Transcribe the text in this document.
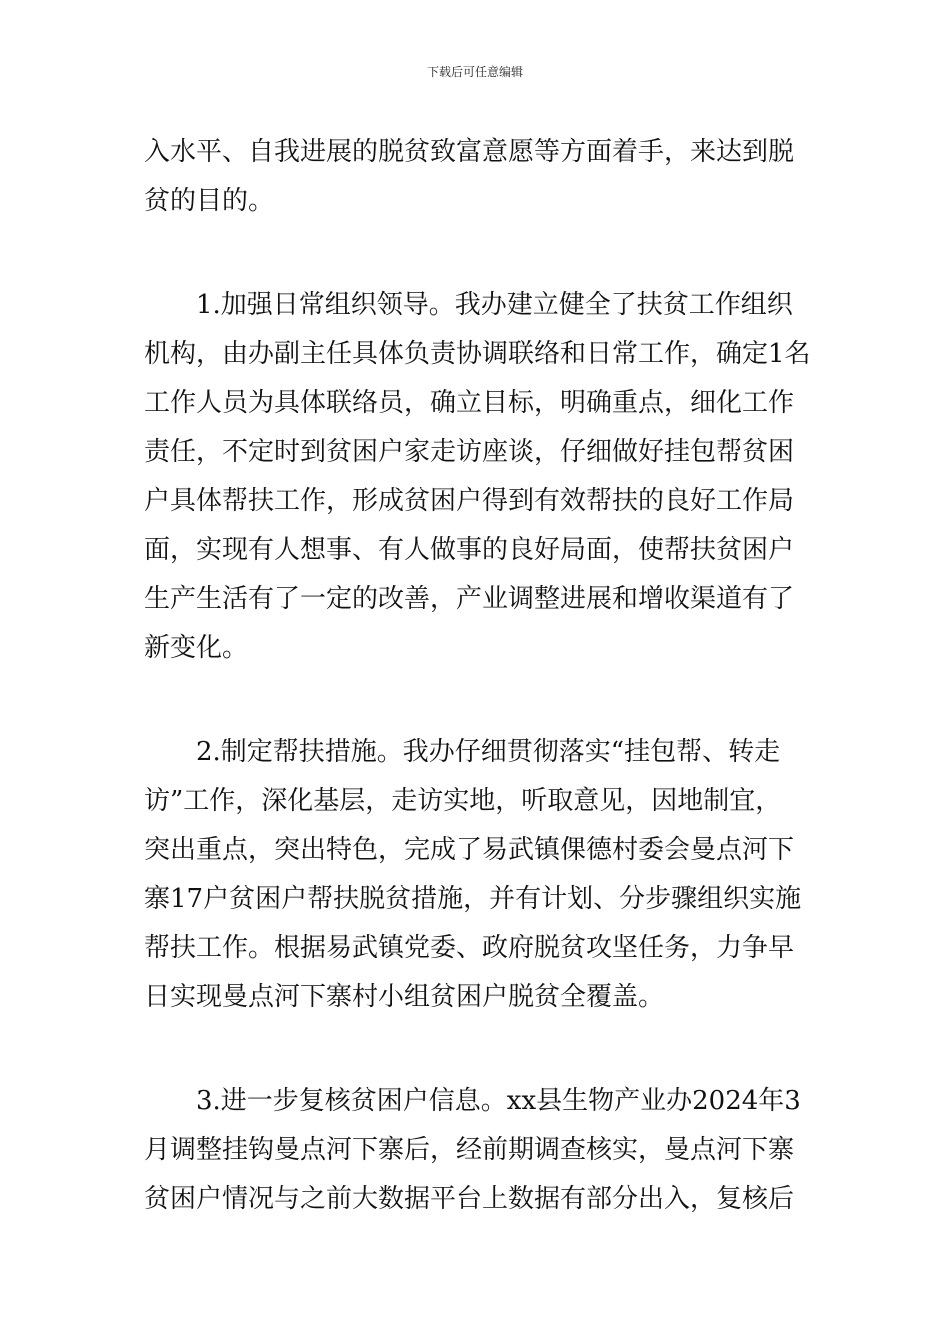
下载后可任意编辑
入水平、自我进展的脱贫致富意愿等方面着手，来达到脱
贫的目的。
1.加强日常组织领导。我办建立健全了扶贫工作组织
机构，由办副主任具体负责协调联络和日常工作，确定1名
工作人员为具体联络员，确立目标，明确重点，细化工作
责任，不定时到贫困户家走访座谈，仔细做好挂包帮贫困
户具体帮扶工作，形成贫困户得到有效帮扶的良好工作局
面，实现有人想事、有人做事的良好局面，使帮扶贫困户
生产生活有了一定的改善，产业调整进展和增收渠道有了
新变化。
2.制定帮扶措施。我办仔细贯彻落实“挂包帮、转走
访”工作，深化基层，走访实地，听取意见，因地制宜，
突出重点，突出特色，完成了易武镇倮德村委会曼点河下
寨17户贫困户帮扶脱贫措施，并有计划、分步骤组织实施
帮扶工作。根据易武镇党委、政府脱贫攻坚任务，力争早
日实现曼点河下寨村小组贫困户脱贫全覆盖。
3.进一步复核贫困户信息。xx县生物产业办2024年3
月调整挂钩曼点河下寨后，经前期调查核实，曼点河下寨
贫困户情况与之前大数据平台上数据有部分出入，复核后
